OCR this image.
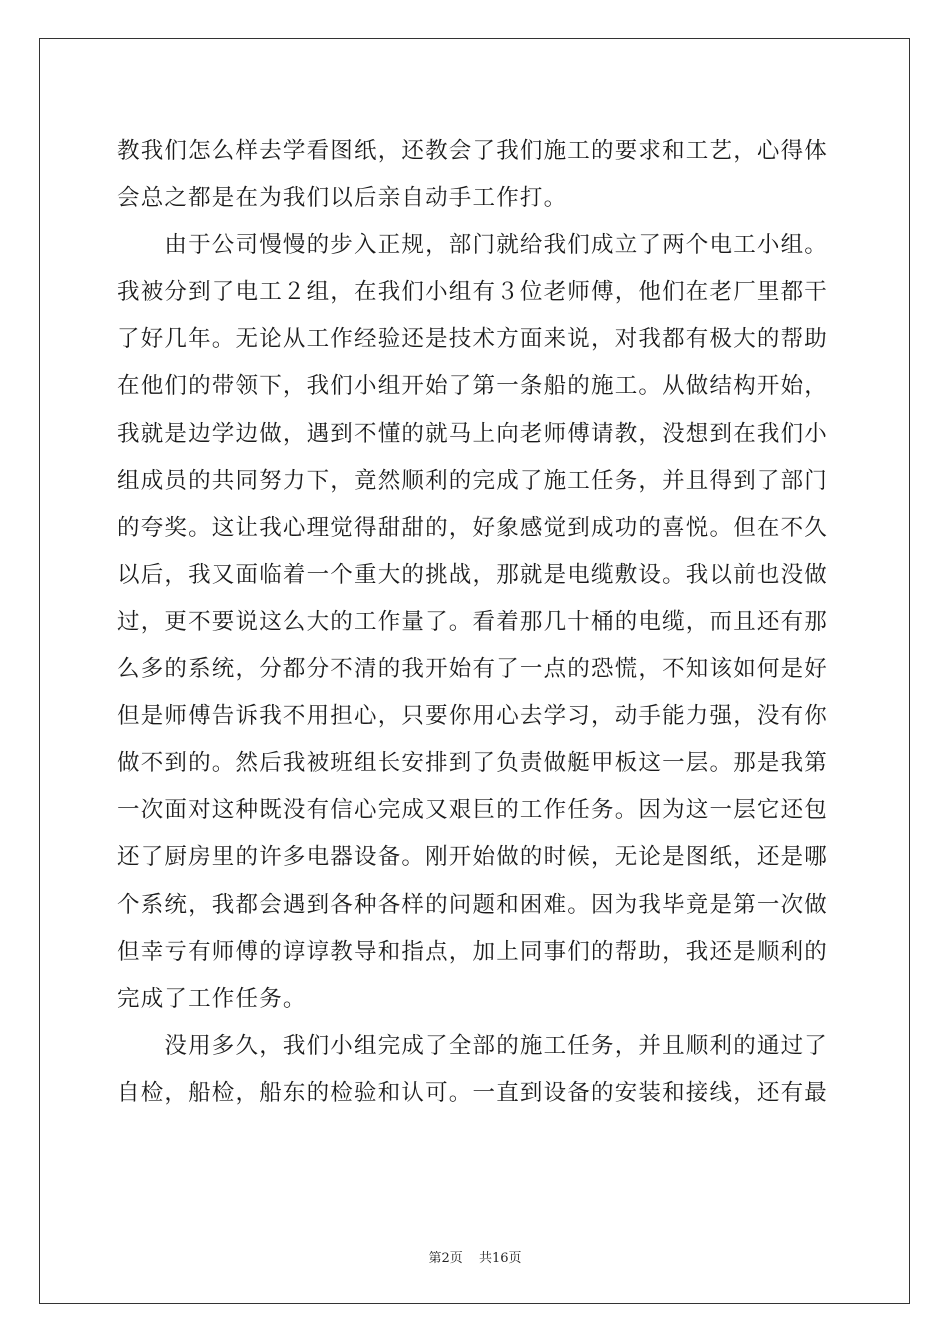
教我们怎么样去学看图纸，还教会了我们施工的要求和工艺，心得体
会总之都是在为我们以后亲自动手工作打。
　　由于公司慢慢的步入正规，部门就给我们成立了两个电工小组。
我被分到了电工２组，在我们小组有３位老师傅，他们在老厂里都干
了好几年。无论从工作经验还是技术方面来说，对我都有极大的帮助
在他们的带领下，我们小组开始了第一条船的施工。从做结构开始，
我就是边学边做，遇到不懂的就马上向老师傅请教，没想到在我们小
组成员的共同努力下，竟然顺利的完成了施工任务，并且得到了部门
的夸奖。这让我心理觉得甜甜的，好象感觉到成功的喜悦。但在不久
以后，我又面临着一个重大的挑战，那就是电缆敷设。我以前也没做
过，更不要说这么大的工作量了。看着那几十桶的电缆，而且还有那
么多的系统，分都分不清的我开始有了一点的恐慌，不知该如何是好
但是师傅告诉我不用担心，只要你用心去学习，动手能力强，没有你
做不到的。然后我被班组长安排到了负责做艇甲板这一层。那是我第
一次面对这种既没有信心完成又艰巨的工作任务。因为这一层它还包
还了厨房里的许多电器设备。刚开始做的时候，无论是图纸，还是哪
个系统，我都会遇到各种各样的问题和困难。因为我毕竟是第一次做
但幸亏有师傅的谆谆教导和指点，加上同事们的帮助，我还是顺利的
完成了工作任务。
　　没用多久，我们小组完成了全部的施工任务，并且顺利的通过了
自检，船检，船东的检验和认可。一直到设备的安装和接线，还有最
第2页 共16页
